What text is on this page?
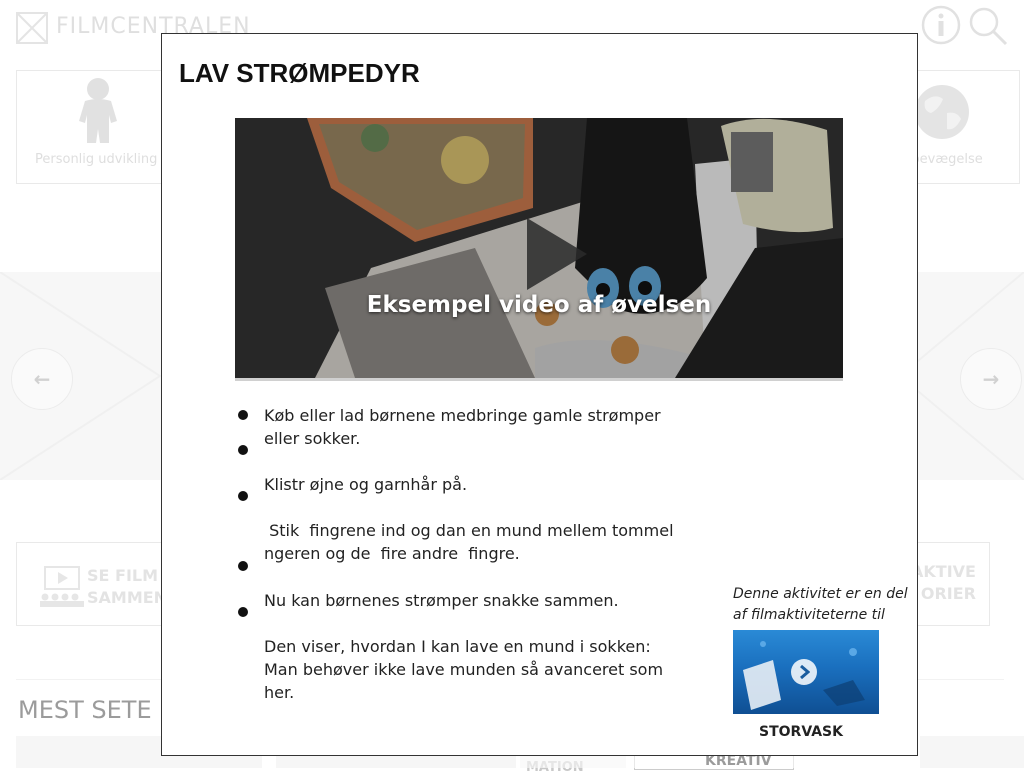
LAV STRØMPEDYR
Eksempel video af øvelsen
Køb eller lad børnene medbringe gamle strømper eller sokker.
Klistr øjne og garnhår på.
Stik  fingrene ind og dan en mund mellem tommel ngeren og de  fire andre  fingre.
Nu kan børnenes strømper snakke sammen.
Den viser, hvordan I kan lave en mund i sokken: Man behøver ikke lave munden så avanceret som her.

Denne aktivitet er en del af filmaktiviteterne til

STORVASK
